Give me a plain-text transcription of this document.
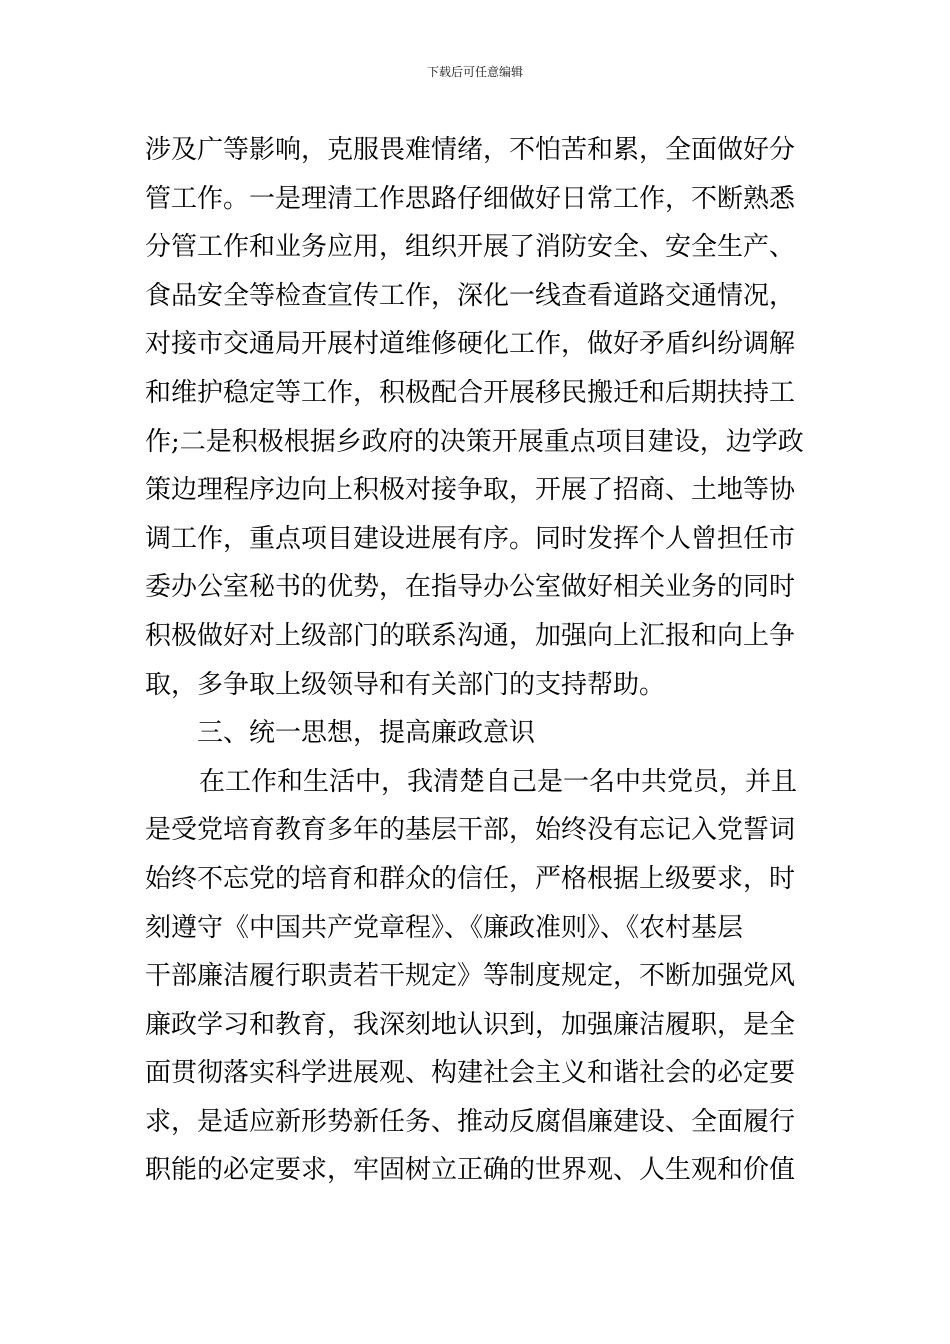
下载后可任意编辑
涉及广等影响，克服畏难情绪，不怕苦和累，全面做好分
管工作。一是理清工作思路仔细做好日常工作，不断熟悉
分管工作和业务应用，组织开展了消防安全、安全生产、
食品安全等检查宣传工作，深化一线查看道路交通情况，
对接市交通局开展村道维修硬化工作，做好矛盾纠纷调解
和维护稳定等工作，积极配合开展移民搬迁和后期扶持工
作;二是积极根据乡政府的决策开展重点项目建设，边学政
策边理程序边向上积极对接争取，开展了招商、土地等协
调工作，重点项目建设进展有序。同时发挥个人曾担任市
委办公室秘书的优势，在指导办公室做好相关业务的同时
积极做好对上级部门的联系沟通，加强向上汇报和向上争
取，多争取上级领导和有关部门的支持帮助。
三、统一思想，提高廉政意识
在工作和生活中，我清楚自己是一名中共党员，并且
是受党培育教育多年的基层干部，始终没有忘记入党誓词
始终不忘党的培育和群众的信任，严格根据上级要求，时
刻遵守《中国共产党章程》、《廉政准则》、《农村基层
干部廉洁履行职责若干规定》等制度规定，不断加强党风
廉政学习和教育，我深刻地认识到，加强廉洁履职，是全
面贯彻落实科学进展观、构建社会主义和谐社会的必定要
求，是适应新形势新任务、推动反腐倡廉建设、全面履行
职能的必定要求，牢固树立正确的世界观、人生观和价值
